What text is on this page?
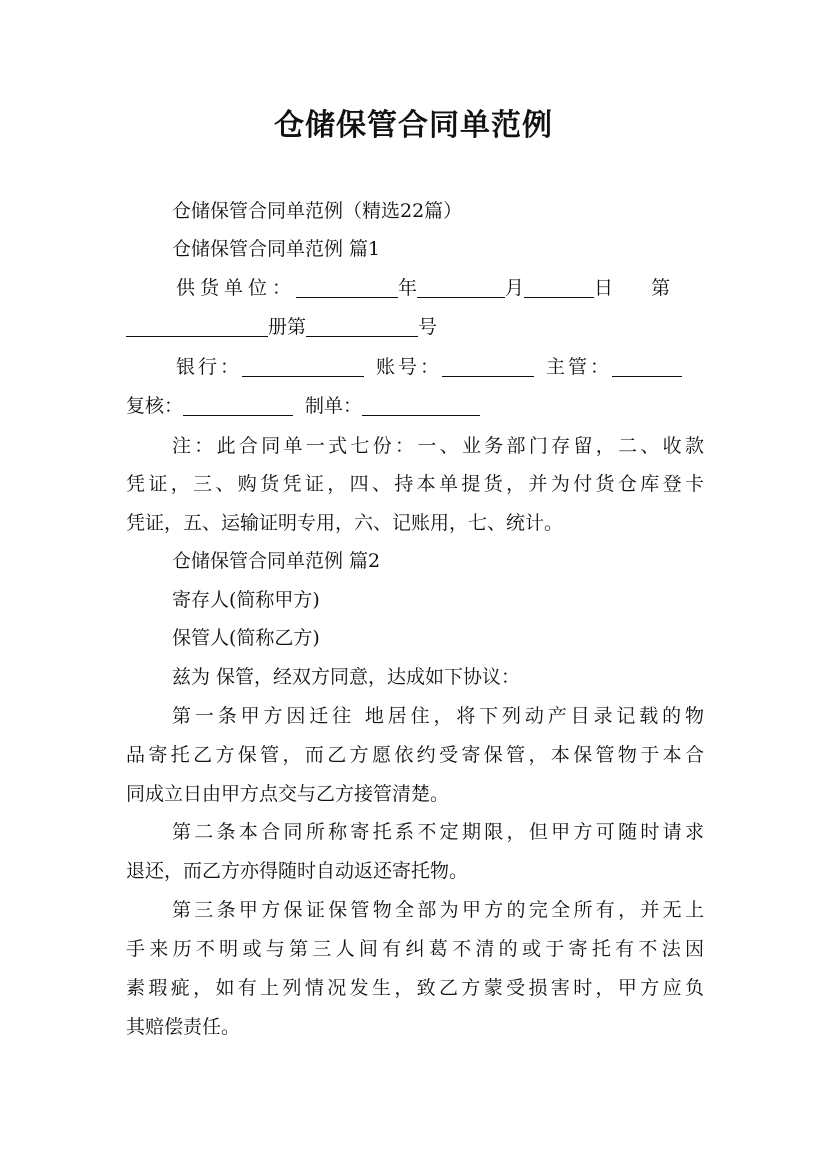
仓储保管合同单范例
仓储保管合同单范例（精选22篇）
仓储保管合同单范例 篇1
供货单位：	年	月	日 第
册第	号
银行：	账号：	主管：
复核：	制单：
注：此合同单一式七份：一、业务部门存留，二、收款
凭证，三、购货凭证，四、持本单提货，并为付货仓库登卡
凭证，五、运输证明专用，六、记账用，七、统计。
仓储保管合同单范例 篇2
寄存人(简称甲方)
保管人(简称乙方)
兹为 保管，经双方同意，达成如下协议：
第一条甲方因迁往 地居住，将下列动产目录记载的物
品寄托乙方保管，而乙方愿依约受寄保管，本保管物于本合
同成立日由甲方点交与乙方接管清楚。
第二条本合同所称寄托系不定期限，但甲方可随时请求
退还，而乙方亦得随时自动返还寄托物。
第三条甲方保证保管物全部为甲方的完全所有，并无上
手来历不明或与第三人间有纠葛不清的或于寄托有不法因
素瑕疵，如有上列情况发生，致乙方蒙受损害时，甲方应负
其赔偿责任。
